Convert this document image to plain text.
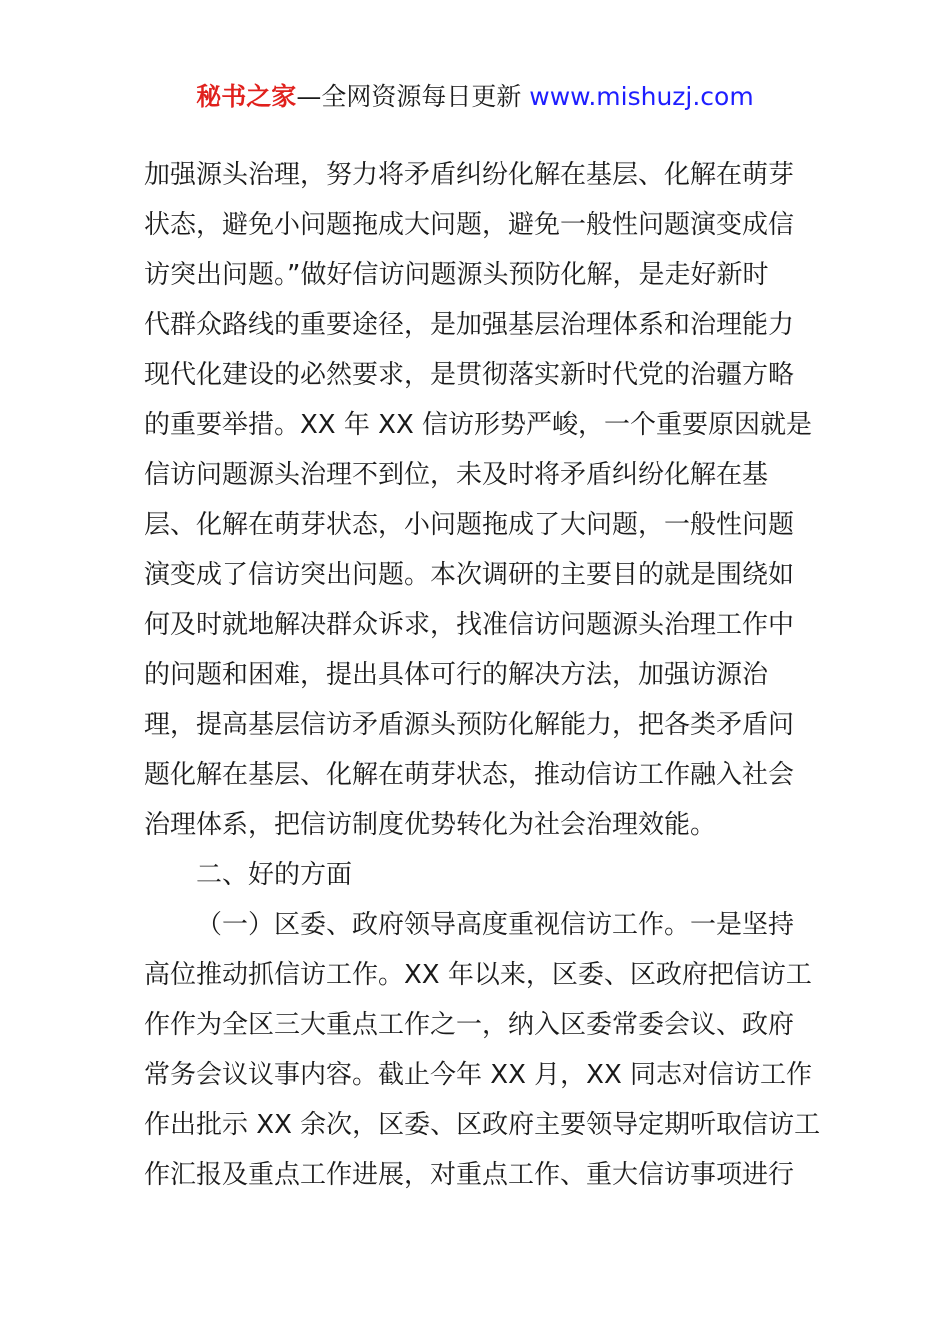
秘书之家—全网资源每日更新 www.mishuzj.com
加强源头治理，努力将矛盾纠纷化解在基层、化解在萌芽
状态，避免小问题拖成大问题，避免一般性问题演变成信
访突出问题。”做好信访问题源头预防化解，是走好新时
代群众路线的重要途径，是加强基层治理体系和治理能力
现代化建设的必然要求，是贯彻落实新时代党的治疆方略
的重要举措。XX 年 XX 信访形势严峻，一个重要原因就是
信访问题源头治理不到位，未及时将矛盾纠纷化解在基
层、化解在萌芽状态，小问题拖成了大问题，一般性问题
演变成了信访突出问题。本次调研的主要目的就是围绕如
何及时就地解决群众诉求，找准信访问题源头治理工作中
的问题和困难，提出具体可行的解决方法，加强访源治
理，提高基层信访矛盾源头预防化解能力，把各类矛盾问
题化解在基层、化解在萌芽状态，推动信访工作融入社会
治理体系，把信访制度优势转化为社会治理效能。
二、好的方面
（一）区委、政府领导高度重视信访工作。一是坚持
高位推动抓信访工作。XX 年以来，区委、区政府把信访工
作作为全区三大重点工作之一，纳入区委常委会议、政府
常务会议议事内容。截止今年 XX 月，XX 同志对信访工作
作出批示 XX 余次，区委、区政府主要领导定期听取信访工
作汇报及重点工作进展，对重点工作、重大信访事项进行
